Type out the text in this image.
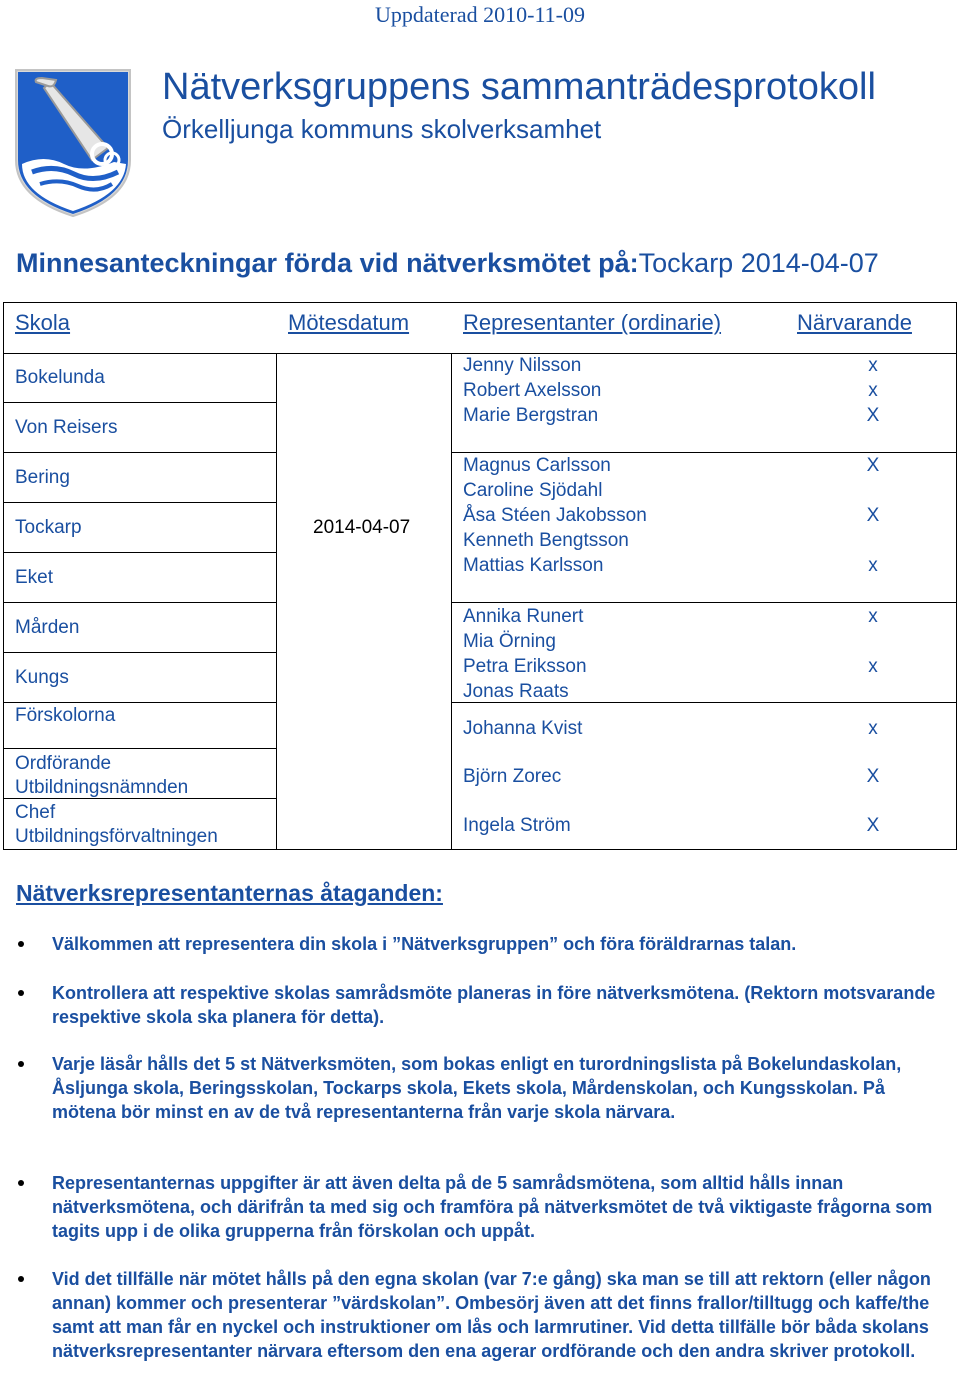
Uppdaterad 2010-11-09
Nätverksgruppens sammanträdesprotokoll
Örkelljunga kommuns skolverksamhet
Minnesanteckningar förda vid nätverksmötet på:Tockarp 2014-04-07
Skola	Mötesdatum Representanter (ordinarie)	Närvarande
Bokelunda
Von Reisers
Bering
Tockarp
Eket
Mården
Kungs
Förskolorna
Ordförande
Utbildningsnämnden
Chef
Utbildningsförvaltningen
2014-04-07
Jenny Nilsson
Robert Axelsson
Marie Bergstran
Magnus Carlsson
Caroline Sjödahl
Åsa Stéen Jakobsson
Kenneth Bengtsson
Mattias Karlsson
Annika Runert
Mia Örning
Petra Eriksson
Jonas Raats
Johanna Kvist
Björn Zorec
Ingela Ström
x
x
X
X
X
x
x
x
x
X
X
Nätverksrepresentanternas åtaganden:
Välkommen att representera din skola i ”Nätverksgruppen” och föra föräldrarnas talan.
Kontrollera att respektive skolas samrådsmöte planeras in före nätverksmötena. (Rektorn motsvarande respektive skola ska planera för detta).
Varje läsår hålls det 5 st Nätverksmöten, som bokas enligt en turordningslista på Bokelundaskolan, Åsljunga skola, Beringsskolan, Tockarps skola, Ekets skola, Mårdenskolan, och Kungsskolan. På mötena bör minst en av de två representanterna från varje skola närvara.
Representanternas uppgifter är att även delta på de 5 samrådsmötena, som alltid hålls innan nätverksmötena, och därifrån ta med sig och framföra på nätverksmötet de två viktigaste frågorna som tagits upp i de olika grupperna från förskolan och uppåt.
Vid det tillfälle när mötet hålls på den egna skolan (var 7:e gång) ska man se till att rektorn (eller någon annan) kommer och presenterar ”värdskolan”. Ombesörj även att det finns frallor/tilltugg och kaffe/the samt att man får en nyckel och instruktioner om lås och larmrutiner. Vid detta tillfälle bör båda skolans nätverksrepresentanter närvara eftersom den ena agerar ordförande och den andra skriver protokoll.
